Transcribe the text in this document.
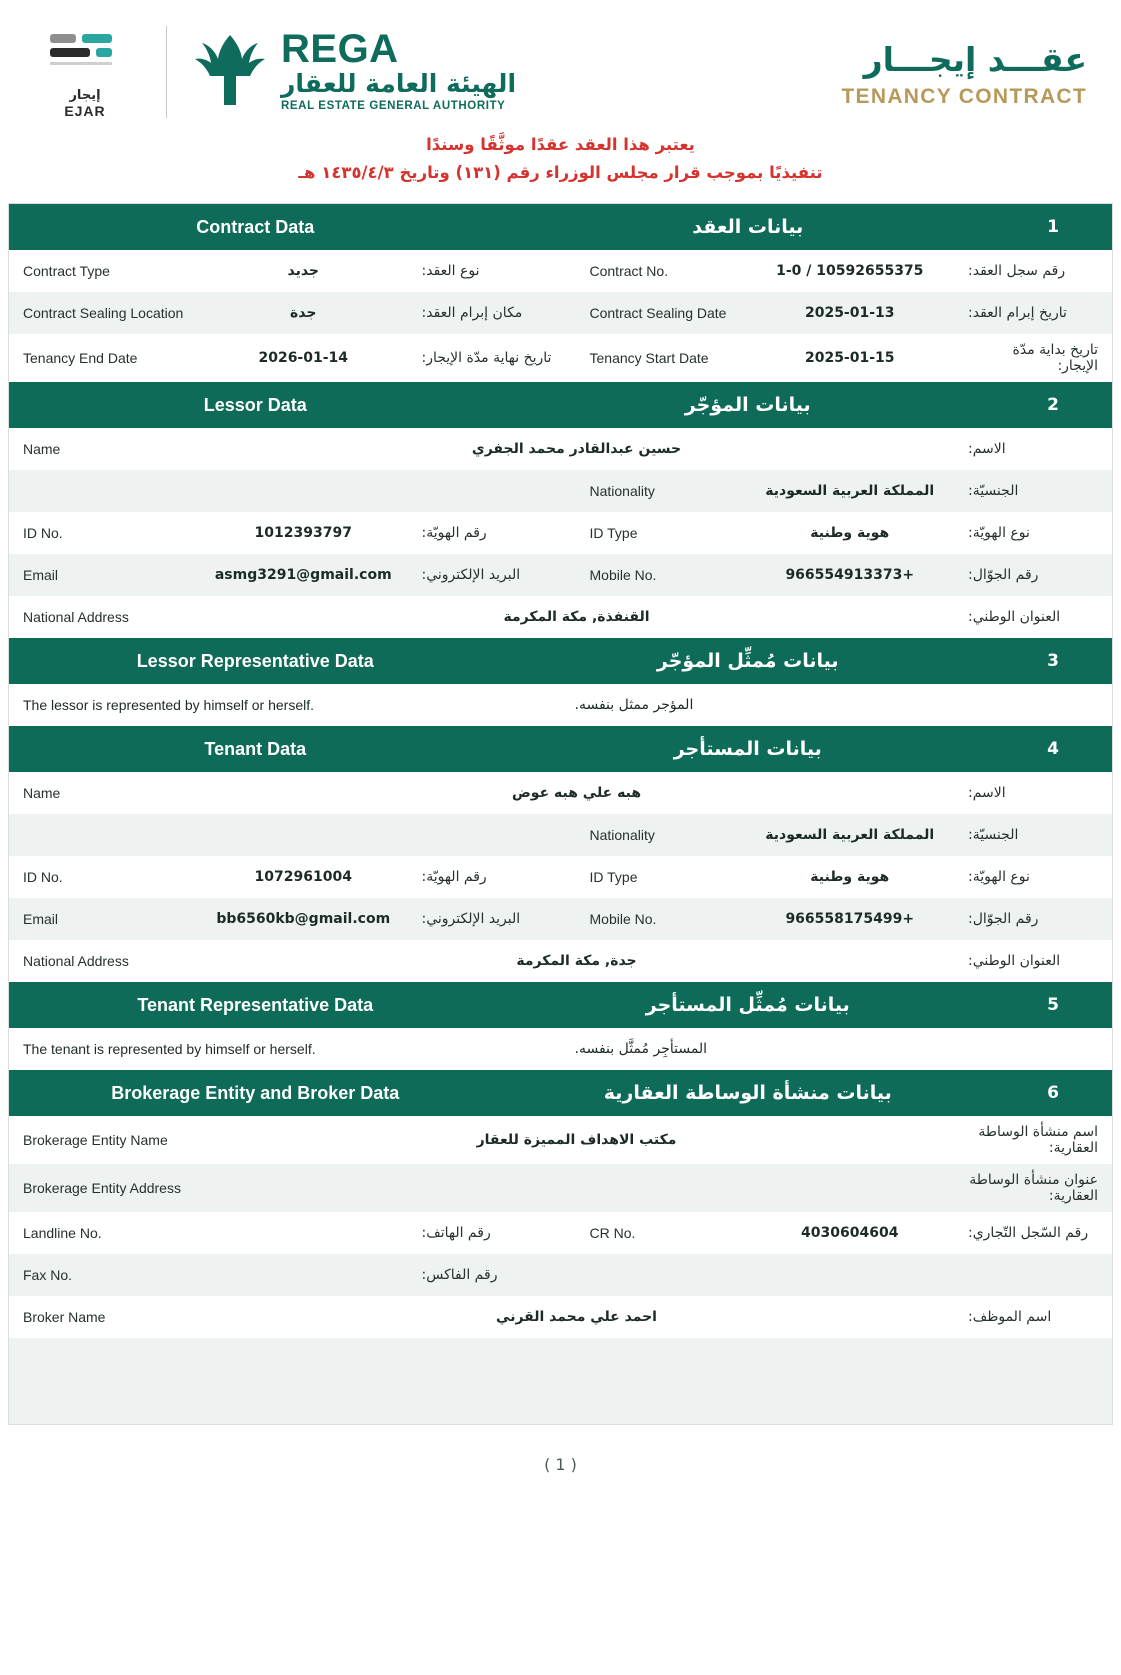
إيجار
EJAR
REGA
الهيئة العامة للعقار
REAL ESTATE GENERAL AUTHORITY
عقـــد إيجـــار
TENANCY CONTRACT
يعتبر هذا العقد عقدًا موثَّقًا وسندًا
تنفيذيًا بموجب قرار مجلس الوزراء رقم (١٣١) وتاريخ ١٤٣٥/٤/٣ هـ
Contract Data	بيانات العقد	1
Contract Type	جديد	نوع العقد:	Contract No.	10592655375 / 1-0	رقم سجل العقد:
Contract Sealing Location	جدة	مكان إبرام العقد:	Contract Sealing Date	2025-01-13	تاريخ إبرام العقد:
Tenancy End Date	2026-01-14	تاريخ نهاية مدّة الإيجار:	Tenancy Start Date	2025-01-15	تاريخ بداية مدّة الإيجار:
Lessor Data	بيانات المؤجّر	2
Name	حسين عبدالقادر محمد الجفري	الاسم:
Nationality	المملكة العربية السعودية	الجنسيّة:
ID No.	1012393797	رقم الهويّة:	ID Type	هوية وطنية	نوع الهويّة:
Email	asmg3291@gmail.com	البريد الإلكتروني:	Mobile No.	+966554913373	رقم الجوّال:
National Address	القنفذة, مكة المكرمة	العنوان الوطني:
Lessor Representative Data	بيانات مُمثِّل المؤجّر	3
The lessor is represented by himself or herself.	المؤجر ممثل بنفسه.
Tenant Data	بيانات المستأجر	4
Name	هبه علي هبه عوض	الاسم:
Nationality	المملكة العربية السعودية	الجنسيّة:
ID No.	1072961004	رقم الهويّة:	ID Type	هوية وطنية	نوع الهويّة:
Email	bb6560kb@gmail.com	البريد الإلكتروني:	Mobile No.	+966558175499	رقم الجوّال:
National Address	جدة, مكة المكرمة	العنوان الوطني:
Tenant Representative Data	بيانات مُمثِّل المستأجر	5
The tenant is represented by himself or herself.	المستأجِر مُمثَّل بنفسه.
Brokerage Entity and Broker Data	بيانات منشأة الوساطة العقارية	6
Brokerage Entity Name	مكتب الاهداف المميزة للعقار	اسم منشأة الوساطة العقارية:
Brokerage Entity Address	عنوان منشأة الوساطة العقارية:
Landline No.	رقم الهاتف:	CR No.	4030604604	رقم السّجل التّجاري:
Fax No.	رقم الفاكس:
Broker Name	احمد علي محمد القرني	اسم الموظف:
( 1 )
